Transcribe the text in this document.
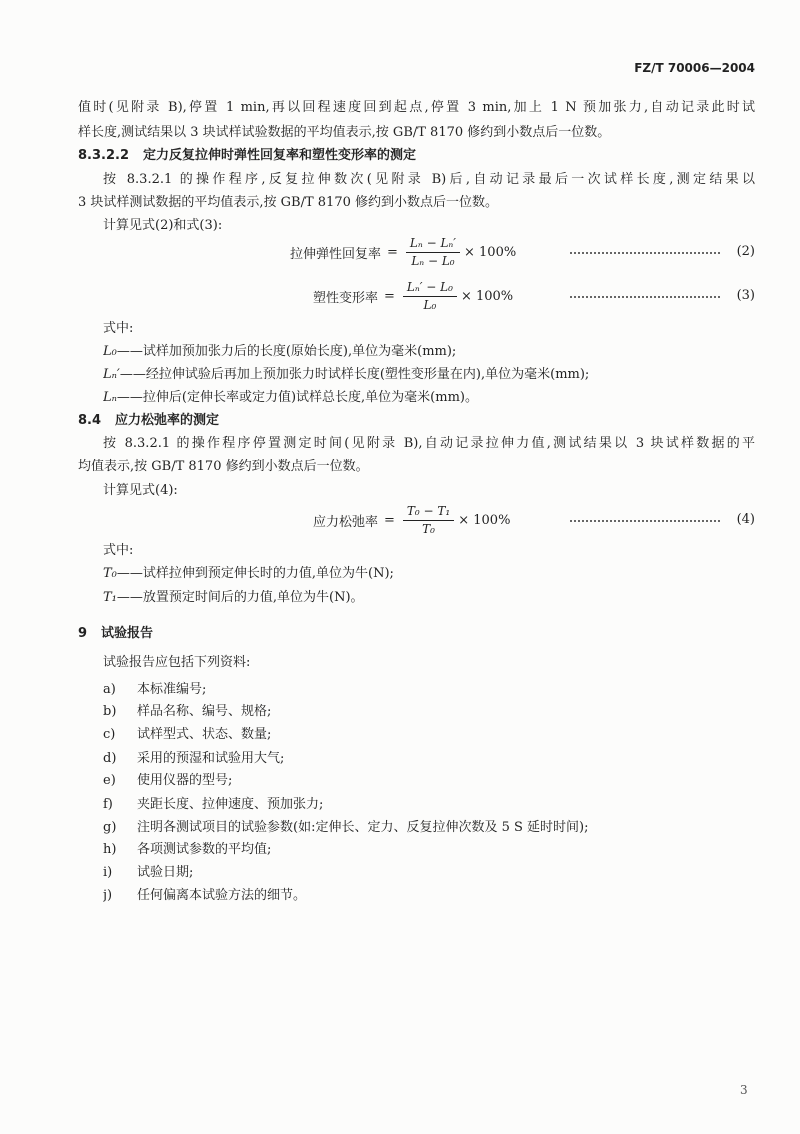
FZ/T 70006—2004
值时(见附录 B),停置 1 min,再以回程速度回到起点,停置 3 min,加上 1 N 预加张力,自动记录此时试
样长度,测试结果以 3 块试样试验数据的平均值表示,按 GB/T 8170 修约到小数点后一位数。
8.3.2.2 定力反复拉伸时弹性回复率和塑性变形率的测定
按 8.3.2.1 的操作程序,反复拉伸数次(见附录 B)后,自动记录最后一次试样长度,测定结果以
3 块试样测试数据的平均值表示,按 GB/T 8170 修约到小数点后一位数。
计算见式(2)和式(3):
拉伸弹性回复率 = $\frac{\text{Lₙ − Lₙ′}}{\text{Lₙ − L₀}} \times 100\%$	(2)
塑性变形率 = $\frac{\text{Lₙ′ − L₀}}{\text{L₀}} \times 100\%$	(3)
式中:
L₀——试样加预加张力后的长度(原始长度),单位为毫米(mm);
Lₙ′——经拉伸试验后再加上预加张力时试样长度(塑性变形量在内),单位为毫米(mm);
Lₙ——拉伸后(定伸长率或定力值)试样总长度,单位为毫米(mm)。
8.4 应力松弛率的测定
按 8.3.2.1 的操作程序停置测定时间(见附录 B),自动记录拉伸力值,测试结果以 3 块试样数据的平
均值表示,按 GB/T 8170 修约到小数点后一位数。
计算见式(4):
应力松弛率 = $\frac{\text{T₀ − T₁}}{\text{T₀}} \times 100\%$	(4)
式中:
T₀——试样拉伸到预定伸长时的力值,单位为牛(N);
T₁——放置预定时间后的力值,单位为牛(N)。
9 试验报告
试验报告应包括下列资料:
a) 本标准编号;
b) 样品名称、编号、规格;
c) 试样型式、状态、数量;
d) 采用的预湿和试验用大气;
e) 使用仪器的型号;
f) 夹距长度、拉伸速度、预加张力;
g) 注明各测试项目的试验参数(如:定伸长、定力、反复拉伸次数及 5 S 延时时间);
h) 各项测试参数的平均值;
i) 试验日期;
j) 任何偏离本试验方法的细节。
3
